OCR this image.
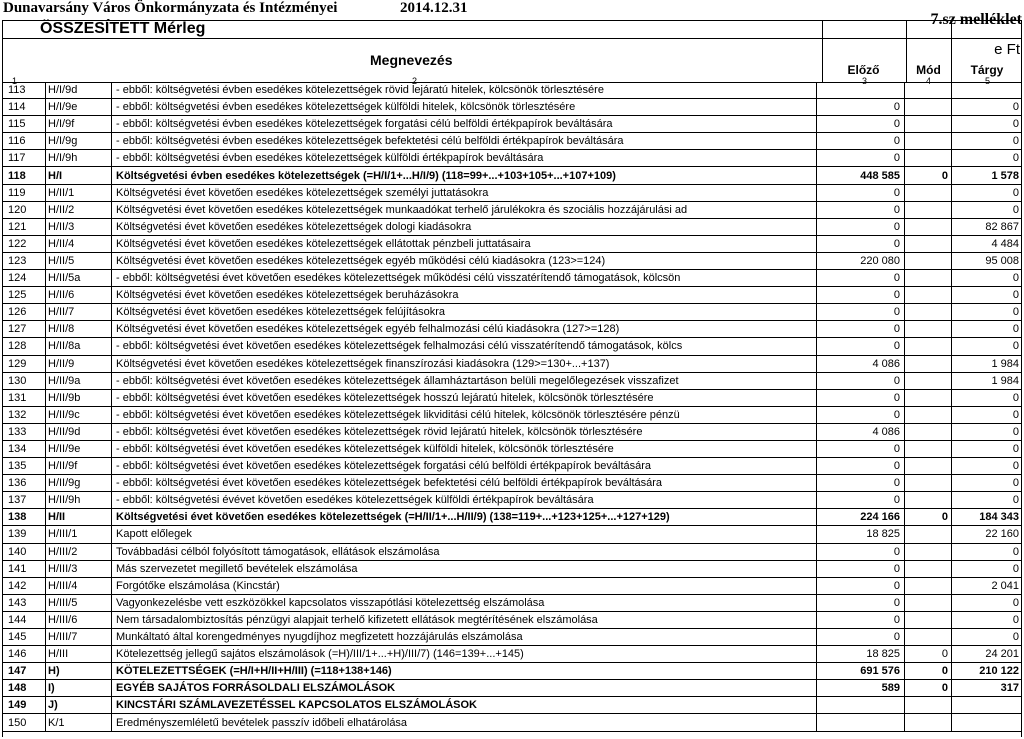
Dunavarsány Város Önkormányzata és Intézményei	2014.12.31
7.sz melléklet
ÖSSZESÍTETT Mérleg
e Ft
Megnevezés
Előző	Mód	Tárgy
1	2	3	4	5
113	H/I/9d	- ebből: költségvetési évben esedékes kötelezettségek rövid lejáratú hitelek, kölcsönök törlesztésére			
114	H/I/9e	- ebből: költségvetési évben esedékes kötelezettségek külföldi hitelek, kölcsönök törlesztésére	0		0
115	H/I/9f	- ebből: költségvetési évben esedékes kötelezettségek forgatási célú belföldi értékpapírok beváltására	0		0
116	H/I/9g	- ebből: költségvetési évben esedékes kötelezettségek befektetési célú belföldi értékpapírok beváltására	0		0
117	H/I/9h	- ebből: költségvetési évben esedékes kötelezettségek külföldi értékpapírok beváltására	0		0
118	H/I	Költségvetési évben esedékes kötelezettségek (=H/I/1+...H/I/9) (118=99+...+103+105+...+107+109)	448 585	0	1 578
119	H/II/1	Költségvetési évet követően esedékes kötelezettségek személyi juttatásokra	0		0
120	H/II/2	Költségvetési évet követően esedékes kötelezettségek munkaadókat terhelő járulékokra és szociális hozzájárulási ad	0		0
121	H/II/3	Költségvetési évet követően esedékes kötelezettségek dologi kiadásokra	0		82 867
122	H/II/4	Költségvetési évet követően esedékes kötelezettségek ellátottak pénzbeli juttatásaira	0		4 484
123	H/II/5	Költségvetési évet követően esedékes kötelezettségek egyéb működési célú kiadásokra (123>=124)	220 080		95 008
124	H/II/5a	- ebből: költségvetési évet követően esedékes kötelezettségek működési célú visszatérítendő támogatások, kölcsön	0		0
125	H/II/6	Költségvetési évet követően esedékes kötelezettségek beruházásokra	0		0
126	H/II/7	Költségvetési évet követően esedékes kötelezettségek felújításokra	0		0
127	H/II/8	Költségvetési évet követően esedékes kötelezettségek egyéb felhalmozási célú kiadásokra (127>=128)	0		0
128	H/II/8a	- ebből: költségvetési évet követően esedékes kötelezettségek felhalmozási célú visszatérítendő támogatások, kölcs	0		0
129	H/II/9	Költségvetési évet követően esedékes kötelezettségek finanszírozási kiadásokra (129>=130+...+137)	4 086		1 984
130	H/II/9a	- ebből: költségvetési évet követően esedékes kötelezettségek államháztartáson belüli megelőlegezések visszafizet	0		1 984
131	H/II/9b	- ebből: költségvetési évet követően esedékes kötelezettségek hosszú lejáratú hitelek, kölcsönök törlesztésére	0		0
132	H/II/9c	- ebből: költségvetési évet követően esedékes kötelezettségek likviditási célú hitelek, kölcsönök törlesztésére pénzü	0		0
133	H/II/9d	- ebből: költségvetési évet követően esedékes kötelezettségek rövid lejáratú hitelek, kölcsönök törlesztésére	4 086		0
134	H/II/9e	- ebből: költségvetési évet követően esedékes kötelezettségek külföldi hitelek, kölcsönök törlesztésére	0		0
135	H/II/9f	- ebből: költségvetési évet követően esedékes kötelezettségek forgatási célú belföldi értékpapírok beváltására	0		0
136	H/II/9g	- ebből: költségvetési évet követően esedékes kötelezettségek befektetési célú belföldi értékpapírok beváltására	0		0
137	H/II/9h	- ebből: költségvetési évévet követően esedékes kötelezettségek külföldi értékpapírok beváltására	0		0
138	H/II	Költségvetési évet követően esedékes kötelezettségek (=H/II/1+...H/II/9) (138=119+...+123+125+...+127+129)	224 166	0	184 343
139	H/III/1	Kapott előlegek	18 825		22 160
140	H/III/2	Továbbadási célból folyósított támogatások, ellátások elszámolása	0		0
141	H/III/3	Más szervezetet megillető bevételek elszámolása	0		0
142	H/III/4	Forgótőke elszámolása (Kincstár)	0		2 041
143	H/III/5	Vagyonkezelésbe vett eszközökkel kapcsolatos visszapótlási kötelezettség elszámolása	0		0
144	H/III/6	Nem társadalombiztosítás pénzügyi alapjait terhelő kifizetett ellátások megtérítésének elszámolása	0		0
145	H/III/7	Munkáltató által korengedményes nyugdíjhoz megfizetett hozzájárulás elszámolása	0		0
146	H/III	Kötelezettség jellegű sajátos elszámolások (=H)/III/1+...+H)/III/7) (146=139+...+145)	18 825	0	24 201
147	H)	KÖTELEZETTSÉGEK (=H/I+H/II+H/III) (=118+138+146)	691 576	0	210 122
148	I)	EGYÉB SAJÁTOS FORRÁSOLDALI ELSZÁMOLÁSOK	589	0	317
149	J)	KINCSTÁRI SZÁMLAVEZETÉSSEL KAPCSOLATOS ELSZÁMOLÁSOK			
150	K/1	Eredményszemléletű bevételek passzív időbeli elhatárolása			
